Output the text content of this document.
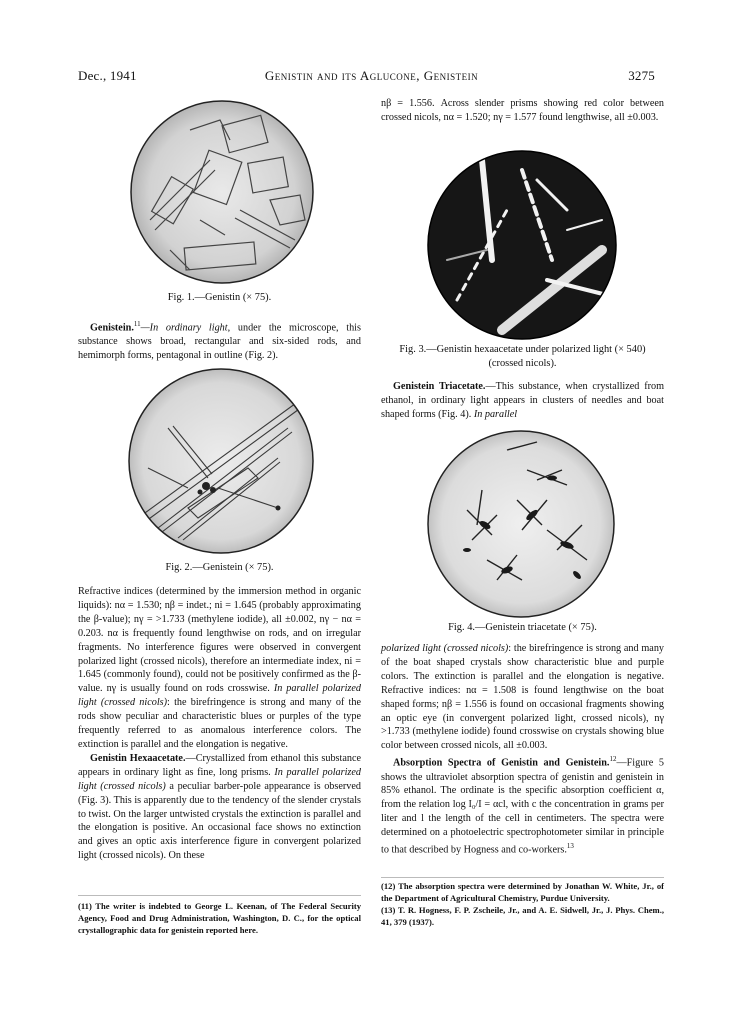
Dec., 1941	Genistin and its Aglucone, Genistein	3275
Fig. 1.—Genistin (× 75).

Genistein.$^{11}$—In ordinary light, under the microscope, this substance shows broad, rectangular and six-sided rods, and hemimorph forms, pentagonal in outline (Fig. 2).

Fig. 2.—Genistein (× 75).

Refractive indices (determined by the immersion method in organic liquids): nα = 1.530; nβ = indet.; ni = 1.645 (probably approximating the β-value); nγ = >1.733 (methylene iodide), all ±0.002, nγ − nα = 0.203. nα is frequently found lengthwise on rods, and on irregular fragments. No interference figures were observed in convergent polarized light (crossed nicols), therefore an intermediate index, ni = 1.645 (commonly found), could not be positively confirmed as the β-value. nγ is usually found on rods crosswise. In parallel polarized light (crossed nicols): the birefringence is strong and many of the rods show peculiar and characteristic blues or purples of the type frequently referred to as anomalous interference colors. The extinction is parallel and the elongation is negative.

Genistin Hexaacetate.—Crystallized from ethanol this substance appears in ordinary light as fine, long prisms. In parallel polarized light (crossed nicols) a peculiar barber-pole appearance is observed (Fig. 3). This is apparently due to the tendency of the slender crystals to twist. On the larger untwisted crystals the extinction is parallel and the elongation is positive. An occasional face shows no extinction and gives an optic axis interference figure in convergent polarized light (crossed nicols). On these

(11) The writer is indebted to George L. Keenan, of The Federal Security Agency, Food and Drug Administration, Washington, D. C., for the optical crystallographic data for genistein reported here.

nβ = 1.556. Across slender prisms showing red color between crossed nicols, nα = 1.520; nγ = 1.577 found lengthwise, all ±0.003.

Fig. 3.—Genistin hexaacetate under polarized light (× 540) (crossed nicols).

Genistein Triacetate.—This substance, when crystallized from ethanol, in ordinary light appears in clusters of needles and boat shaped forms (Fig. 4). In parallel

Fig. 4.—Genistein triacetate (× 75).

polarized light (crossed nicols): the birefringence is strong and many of the boat shaped crystals show characteristic blue and purple colors. The extinction is parallel and the elongation is negative. Refractive indices: nα = 1.508 is found lengthwise on the boat shaped forms; nβ = 1.556 is found on occasional fragments showing an optic eye (in convergent polarized light, crossed nicols), nγ >1.733 (methylene iodide) found crosswise on crystals showing blue color between crossed nicols, all ±0.003.

Absorption Spectra of Genistin and Genistein.$^{12}$—Figure 5 shows the ultraviolet absorption spectra of genistin and genistein in 85% ethanol. The ordinate is the specific absorption coefficient α, from the relation log I₀/I = αcl, with c the concentration in grams per liter and l the length of the cell in centimeters. The spectra were determined on a photoelectric spectrophotometer similar in principle to that described by Hogness and co-workers.$^{13}$

(12) The absorption spectra were determined by Jonathan W. White, Jr., of the Department of Agricultural Chemistry, Purdue University.

(13) T. R. Hogness, F. P. Zscheile, Jr., and A. E. Sidwell, Jr., J. Phys. Chem., 41, 379 (1937).
